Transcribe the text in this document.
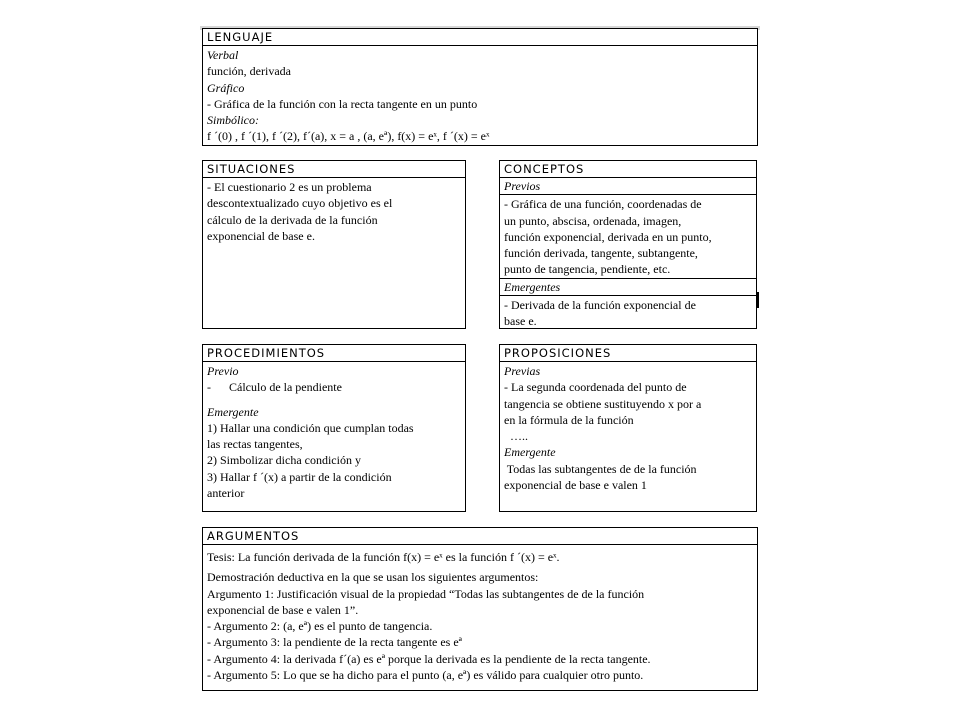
LENGUAJE
Verbal
función, derivada
Gráfico
- Gráfica de la función con la recta tangente en un punto
Simbólico:
f ´(0) , f ´(1), f ´(2), f´(a), x = a , (a, eª), f(x) = eˣ, f ´(x) = eˣ
SITUACIONES
- El cuestionario 2 es un problema
descontextualizado cuyo objetivo es el
cálculo de la derivada de la función
exponencial de base e.
CONCEPTOS
Previos
- Gráfica de una función, coordenadas de
un punto, abscisa, ordenada, imagen,
función exponencial, derivada en un punto,
función derivada, tangente, subtangente,
punto de tangencia, pendiente, etc.
Emergentes
- Derivada de la función exponencial de
base e.
PROCEDIMIENTOS
Previo
-      Cálculo de la pendiente
Emergente
1) Hallar una condición que cumplan todas
las rectas tangentes,
2) Simbolizar dicha condición y
3) Hallar f ´(x) a partir de la condición
anterior
PROPOSICIONES
Previas
- La segunda coordenada del punto de
tangencia se obtiene sustituyendo x por a
en la fórmula de la función
…..
Emergente
Todas las subtangentes de de la función
exponencial de base e valen 1
ARGUMENTOS
Tesis: La función derivada de la función f(x) = eˣ es la función f ´(x) = eˣ.
Demostración deductiva en la que se usan los siguientes argumentos:
Argumento 1: Justificación visual de la propiedad “Todas las subtangentes de de la función
exponencial de base e valen 1”.
- Argumento 2: (a, eª) es el punto de tangencia.
- Argumento 3: la pendiente de la recta tangente es eª
- Argumento 4: la derivada f´(a) es eª porque la derivada es la pendiente de la recta tangente.
- Argumento 5: Lo que se ha dicho para el punto (a, eª) es válido para cualquier otro punto.
